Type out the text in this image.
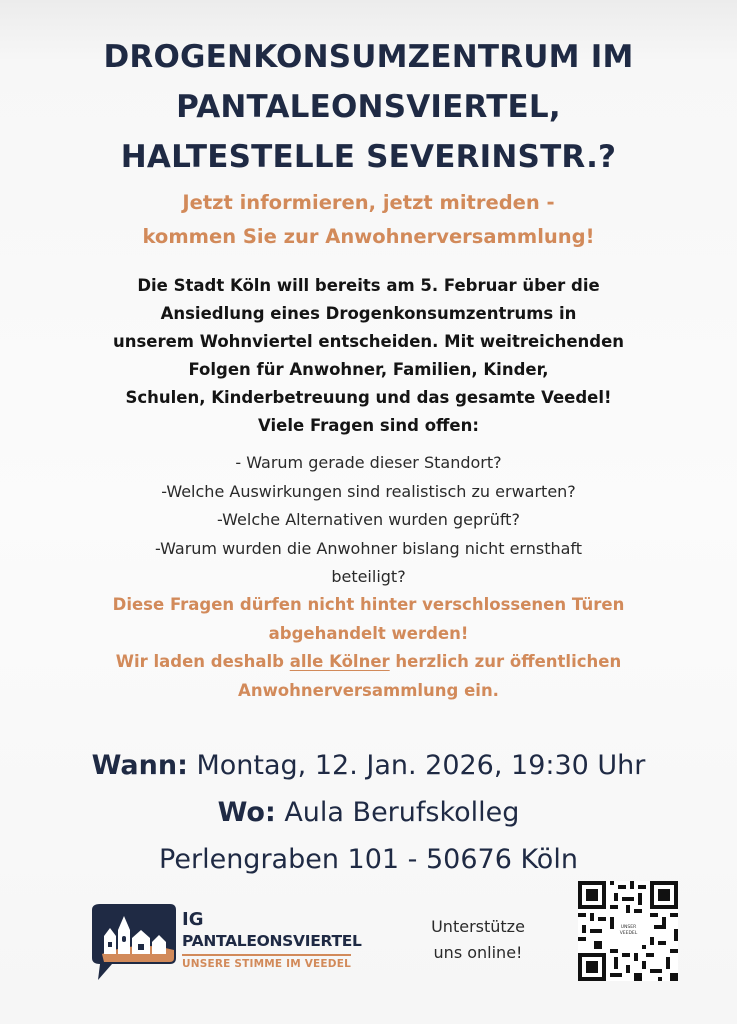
DROGENKONSUMZENTRUM IM
PANTALEONSVIERTEL,
HALTESTELLE SEVERINSTR.?
Jetzt informieren, jetzt mitreden -
kommen Sie zur Anwohnerversammlung!
Die Stadt Köln will bereits am 5. Februar über die
Ansiedlung eines Drogenkonsumzentrums in
unserem Wohnviertel entscheiden. Mit weitreichenden
Folgen für Anwohner, Familien, Kinder,
Schulen, Kinderbetreuung und das gesamte Veedel!
Viele Fragen sind offen:
- Warum gerade dieser Standort?
-Welche Auswirkungen sind realistisch zu erwarten?
-Welche Alternativen wurden geprüft?
-Warum wurden die Anwohner bislang nicht ernsthaft
beteiligt?
Diese Fragen dürfen nicht hinter verschlossenen Türen
abgehandelt werden!
Wir laden deshalb alle Kölner herzlich zur öffentlichen
Anwohnerversammlung ein.
Wann: Montag, 12. Jan. 2026, 19:30 Uhr
Wo: Aula Berufskolleg
Perlengraben 101 - 50676 Köln
IG
PANTALEONSVIERTEL
UNSERE STIMME IM VEEDEL
Unterstütze
uns online!
UNSER
VEEDEL
